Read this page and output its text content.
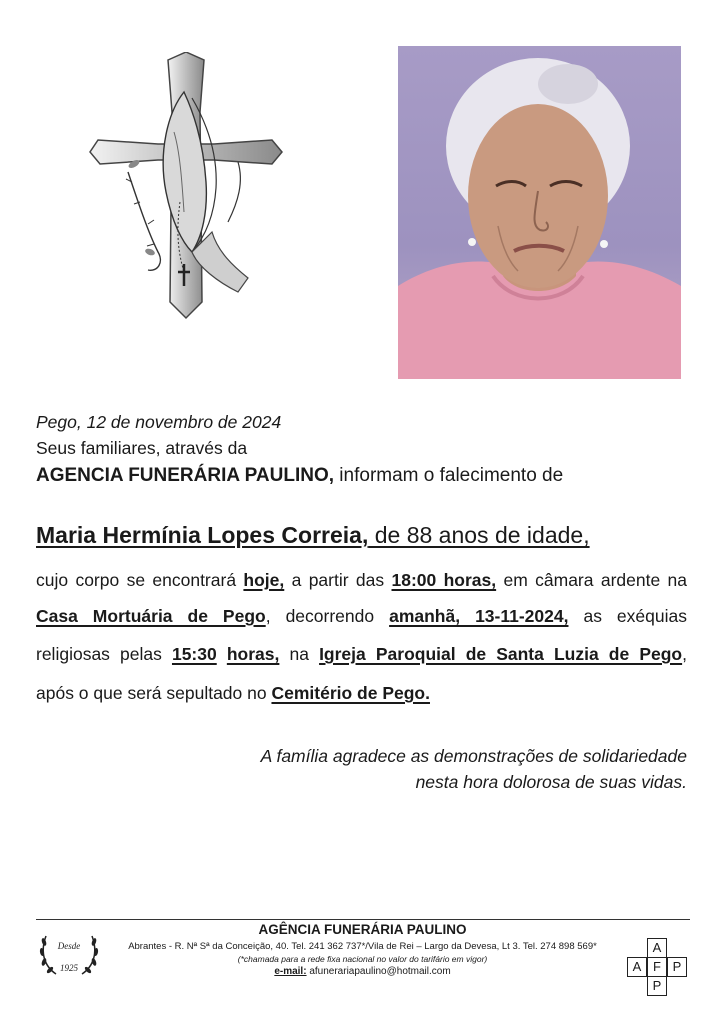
Pego, 12 de novembro de 2024
Seus familiares, através da
AGENCIA FUNERÁRIA PAULINO, informam o falecimento de
Maria Hermínia Lopes Correia, de 88 anos de idade,
cujo corpo se encontrará hoje, a partir das 18:00 horas, em câmara ardente na
Casa Mortuária de Pego, decorrendo amanhã, 13-11-2024, as exéquias
religiosas pelas 15:30 horas, na Igreja Paroquial de Santa Luzia de Pego,
após o que será sepultado no Cemitério de Pego.
A família agradece as demonstrações de solidariedade
nesta hora dolorosa de suas vidas.
Desde
1925
AGÊNCIA FUNERÁRIA PAULINO
Abrantes - R. Nª Sª da Conceição, 40. Tel. 241 362 737*/Vila de Rei – Largo da Devesa, Lt 3. Tel. 274 898 569*
(*chamada para a rede fixa nacional no valor do tarifário em vigor)
e-mail: afunerariapaulino@hotmail.com
A
A F P
P
